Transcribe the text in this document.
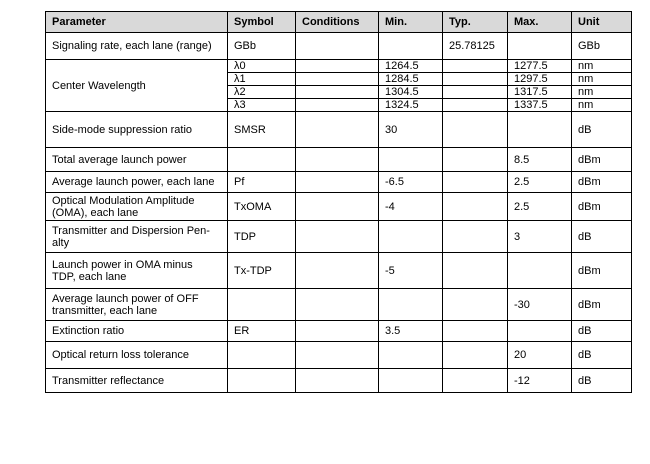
Parameter	Symbol	Conditions	Min.	Typ.	Max.	Unit
Signaling rate, each lane (range)	GBb			25.78125		GBb
Center Wavelength	λ0		1264.5		1277.5	nm
	λ1		1284.5		1297.5	nm
	λ2		1304.5		1317.5	nm
	λ3		1324.5		1337.5	nm
Side-mode suppression ratio	SMSR		30			dB
Total average launch power					8.5	dBm
Average launch power, each lane	Pf		-6.5		2.5	dBm
Optical Modulation Amplitude
(OMA), each lane	TxOMA		-4		2.5	dBm
Transmitter and Dispersion Pen-
alty	TDP				3	dB
Launch power in OMA minus
TDP, each lane	Tx-TDP		-5			dBm
Average launch power of OFF
transmitter, each lane					-30	dBm
Extinction ratio	ER		3.5			dB
Optical return loss tolerance					20	dB
Transmitter reflectance					-12	dB
